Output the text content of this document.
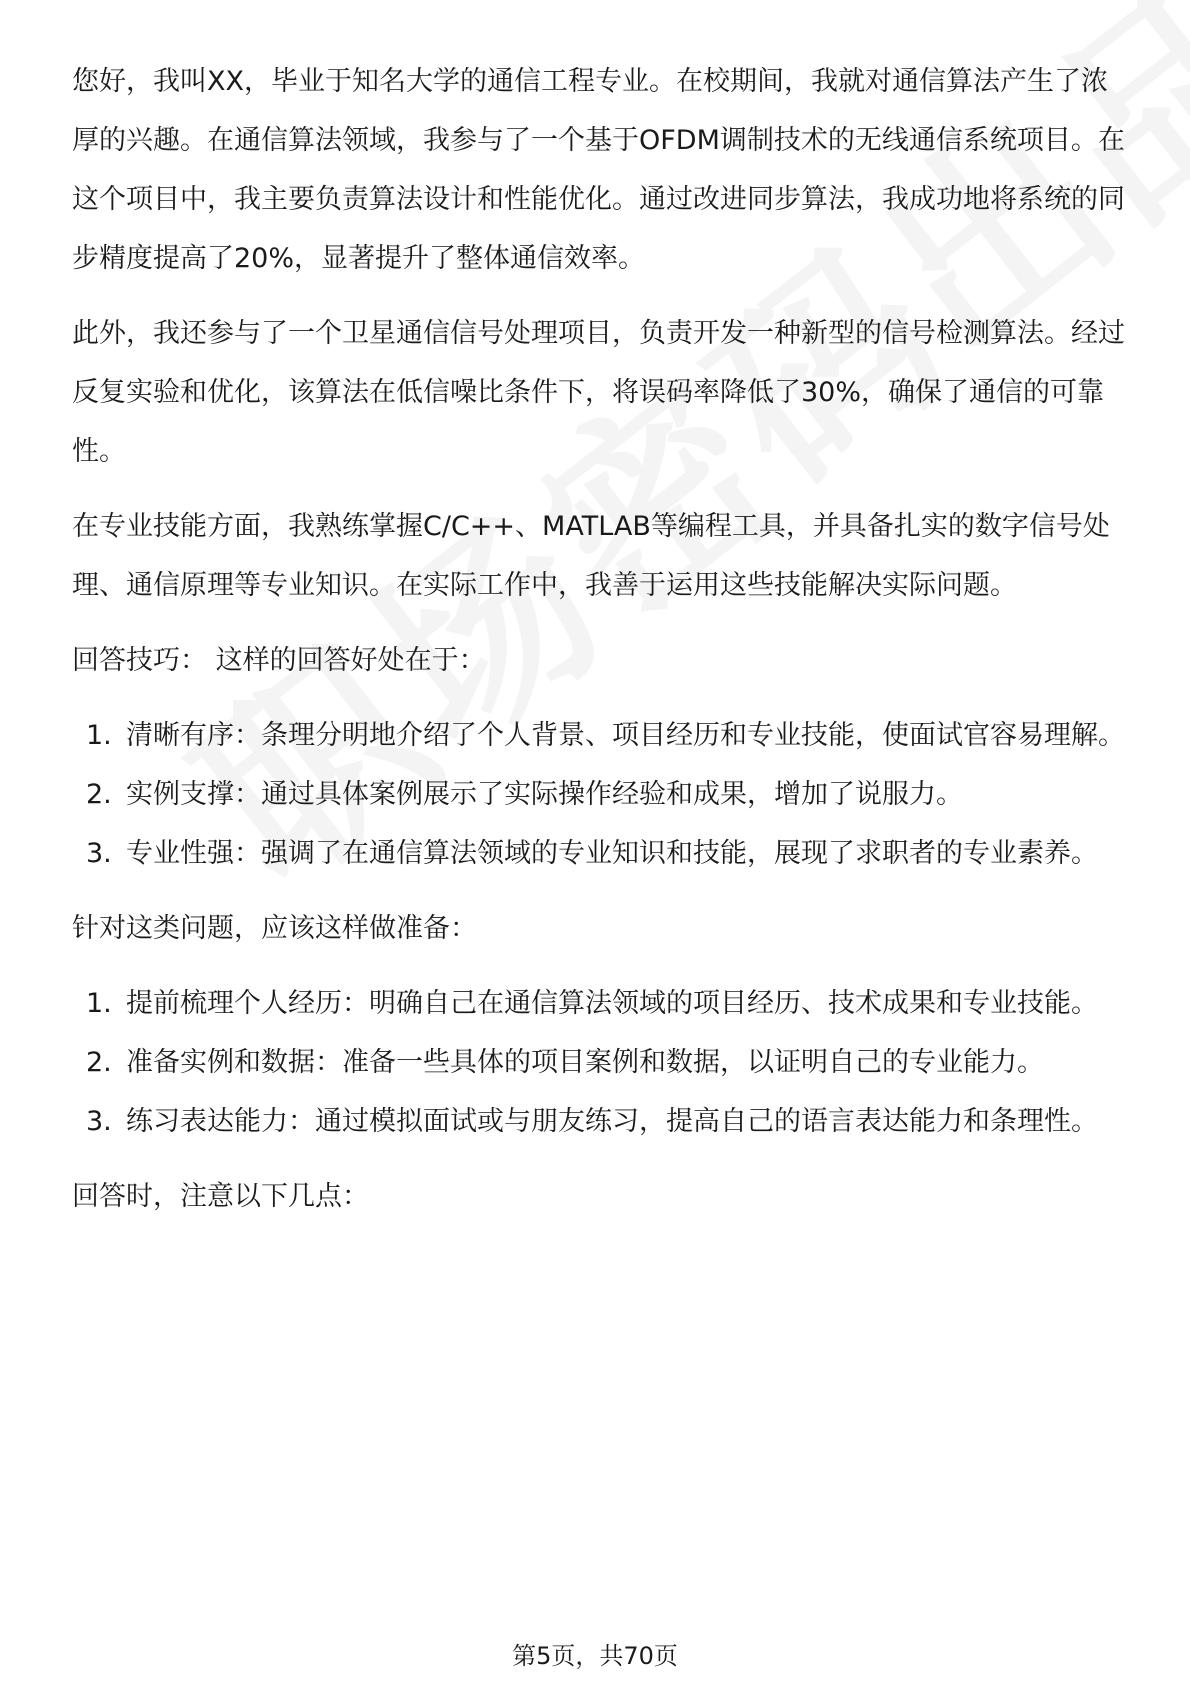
您好，我叫XX，毕业于知名大学的通信工程专业。在校期间，我就对通信算法产生了浓厚的兴趣。在通信算法领域，我参与了一个基于OFDM调制技术的无线通信系统项目。在这个项目中，我主要负责算法设计和性能优化。通过改进同步算法，我成功地将系统的同步精度提高了20%，显著提升了整体通信效率。

此外，我还参与了一个卫星通信信号处理项目，负责开发一种新型的信号检测算法。经过反复实验和优化，该算法在低信噪比条件下，将误码率降低了30%，确保了通信的可靠性。

在专业技能方面，我熟练掌握C/C++、MATLAB等编程工具，并具备扎实的数字信号处理、通信原理等专业知识。在实际工作中，我善于运用这些技能解决实际问题。

回答技巧： 这样的回答好处在于：

1. 清晰有序：条理分明地介绍了个人背景、项目经历和专业技能，使面试官容易理解。
2. 实例支撑：通过具体案例展示了实际操作经验和成果，增加了说服力。
3. 专业性强：强调了在通信算法领域的专业知识和技能，展现了求职者的专业素养。

针对这类问题，应该这样做准备：

1. 提前梳理个人经历：明确自己在通信算法领域的项目经历、技术成果和专业技能。
2. 准备实例和数据：准备一些具体的项目案例和数据，以证明自己的专业能力。
3. 练习表达能力：通过模拟面试或与朋友练习，提高自己的语言表达能力和条理性。

回答时，注意以下几点：

第5页，共70页
